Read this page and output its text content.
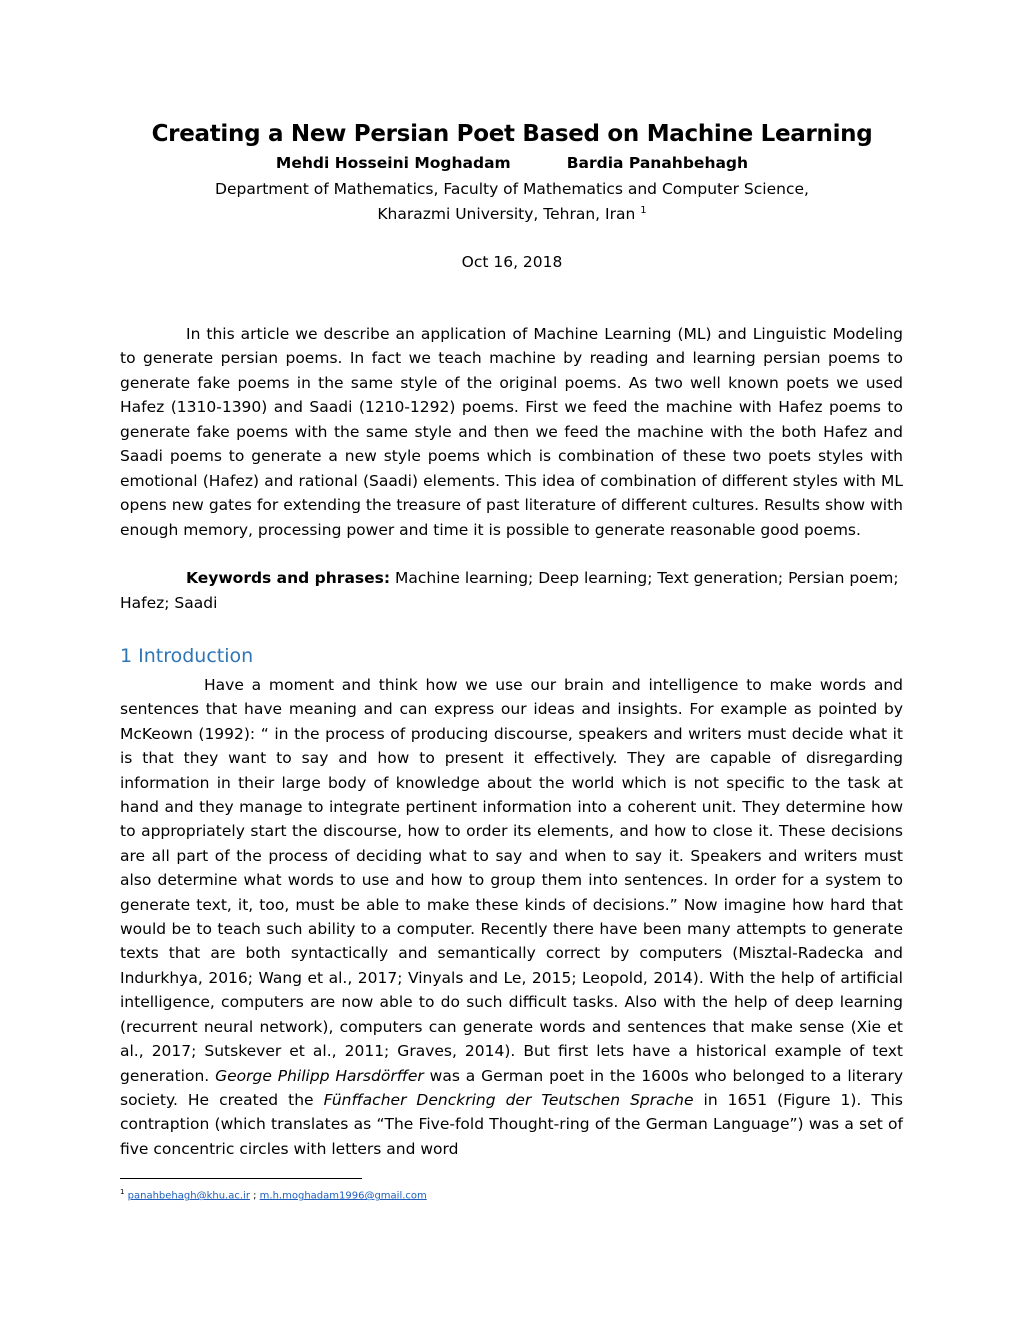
Creating a New Persian Poet Based on Machine Learning
Mehdi Hosseini Moghadam	Bardia Panahbehagh
Department of Mathematics, Faculty of Mathematics and Computer Science,
Kharazmi University, Tehran, Iran $^1$
Oct 16, 2018

In this article we describe an application of Machine Learning (ML) and Linguistic Modeling to generate persian poems. In fact we teach machine by reading and learning persian poems to generate fake poems in the same style of the original poems. As two well known poets we used Hafez (1310-1390) and Saadi (1210-1292) poems. First we feed the machine with Hafez poems to generate fake poems with the same style and then we feed the machine with the both Hafez and Saadi poems to generate a new style poems which is combination of these two poets styles with emotional (Hafez) and rational (Saadi) elements. This idea of combination of different styles with ML opens new gates for extending the treasure of past literature of different cultures. Results show with enough memory, processing power and time it is possible to generate reasonable good poems.

Keywords and phrases: Machine learning; Deep learning; Text generation; Persian poem; Hafez; Saadi

1 Introduction

Have a moment and think how we use our brain and intelligence to make words and sentences that have meaning and can express our ideas and insights. For example as pointed by McKeown (1992): “ in the process of producing discourse, speakers and writers must decide what it is that they want to say and how to present it effectively. They are capable of disregarding information in their large body of knowledge about the world which is not specific to the task at hand and they manage to integrate pertinent information into a coherent unit. They determine how to appropriately start the discourse, how to order its elements, and how to close it. These decisions are all part of the process of deciding what to say and when to say it. Speakers and writers must also determine what words to use and how to group them into sentences. In order for a system to generate text, it, too, must be able to make these kinds of decisions.” Now imagine how hard that would be to teach such ability to a computer. Recently there have been many attempts to generate texts that are both syntactically and semantically correct by computers (Misztal-Radecka and Indurkhya, 2016; Wang et al., 2017; Vinyals and Le, 2015; Leopold, 2014). With the help of artificial intelligence, computers are now able to do such difficult tasks. Also with the help of deep learning (recurrent neural network), computers can generate words and sentences that make sense (Xie et al., 2017; Sutskever et al., 2011; Graves, 2014). But first lets have a historical example of text generation. George Philipp Harsdörffer was a German poet in the 1600s who belonged to a literary society. He created the Fünffacher Denckring der Teutschen Sprache in 1651 (Figure 1). This contraption (which translates as “The Five-fold Thought-ring of the German Language”) was a set of five concentric circles with letters and word

$^1$ panahbehagh@khu.ac.ir ; m.h.moghadam1996@gmail.com
